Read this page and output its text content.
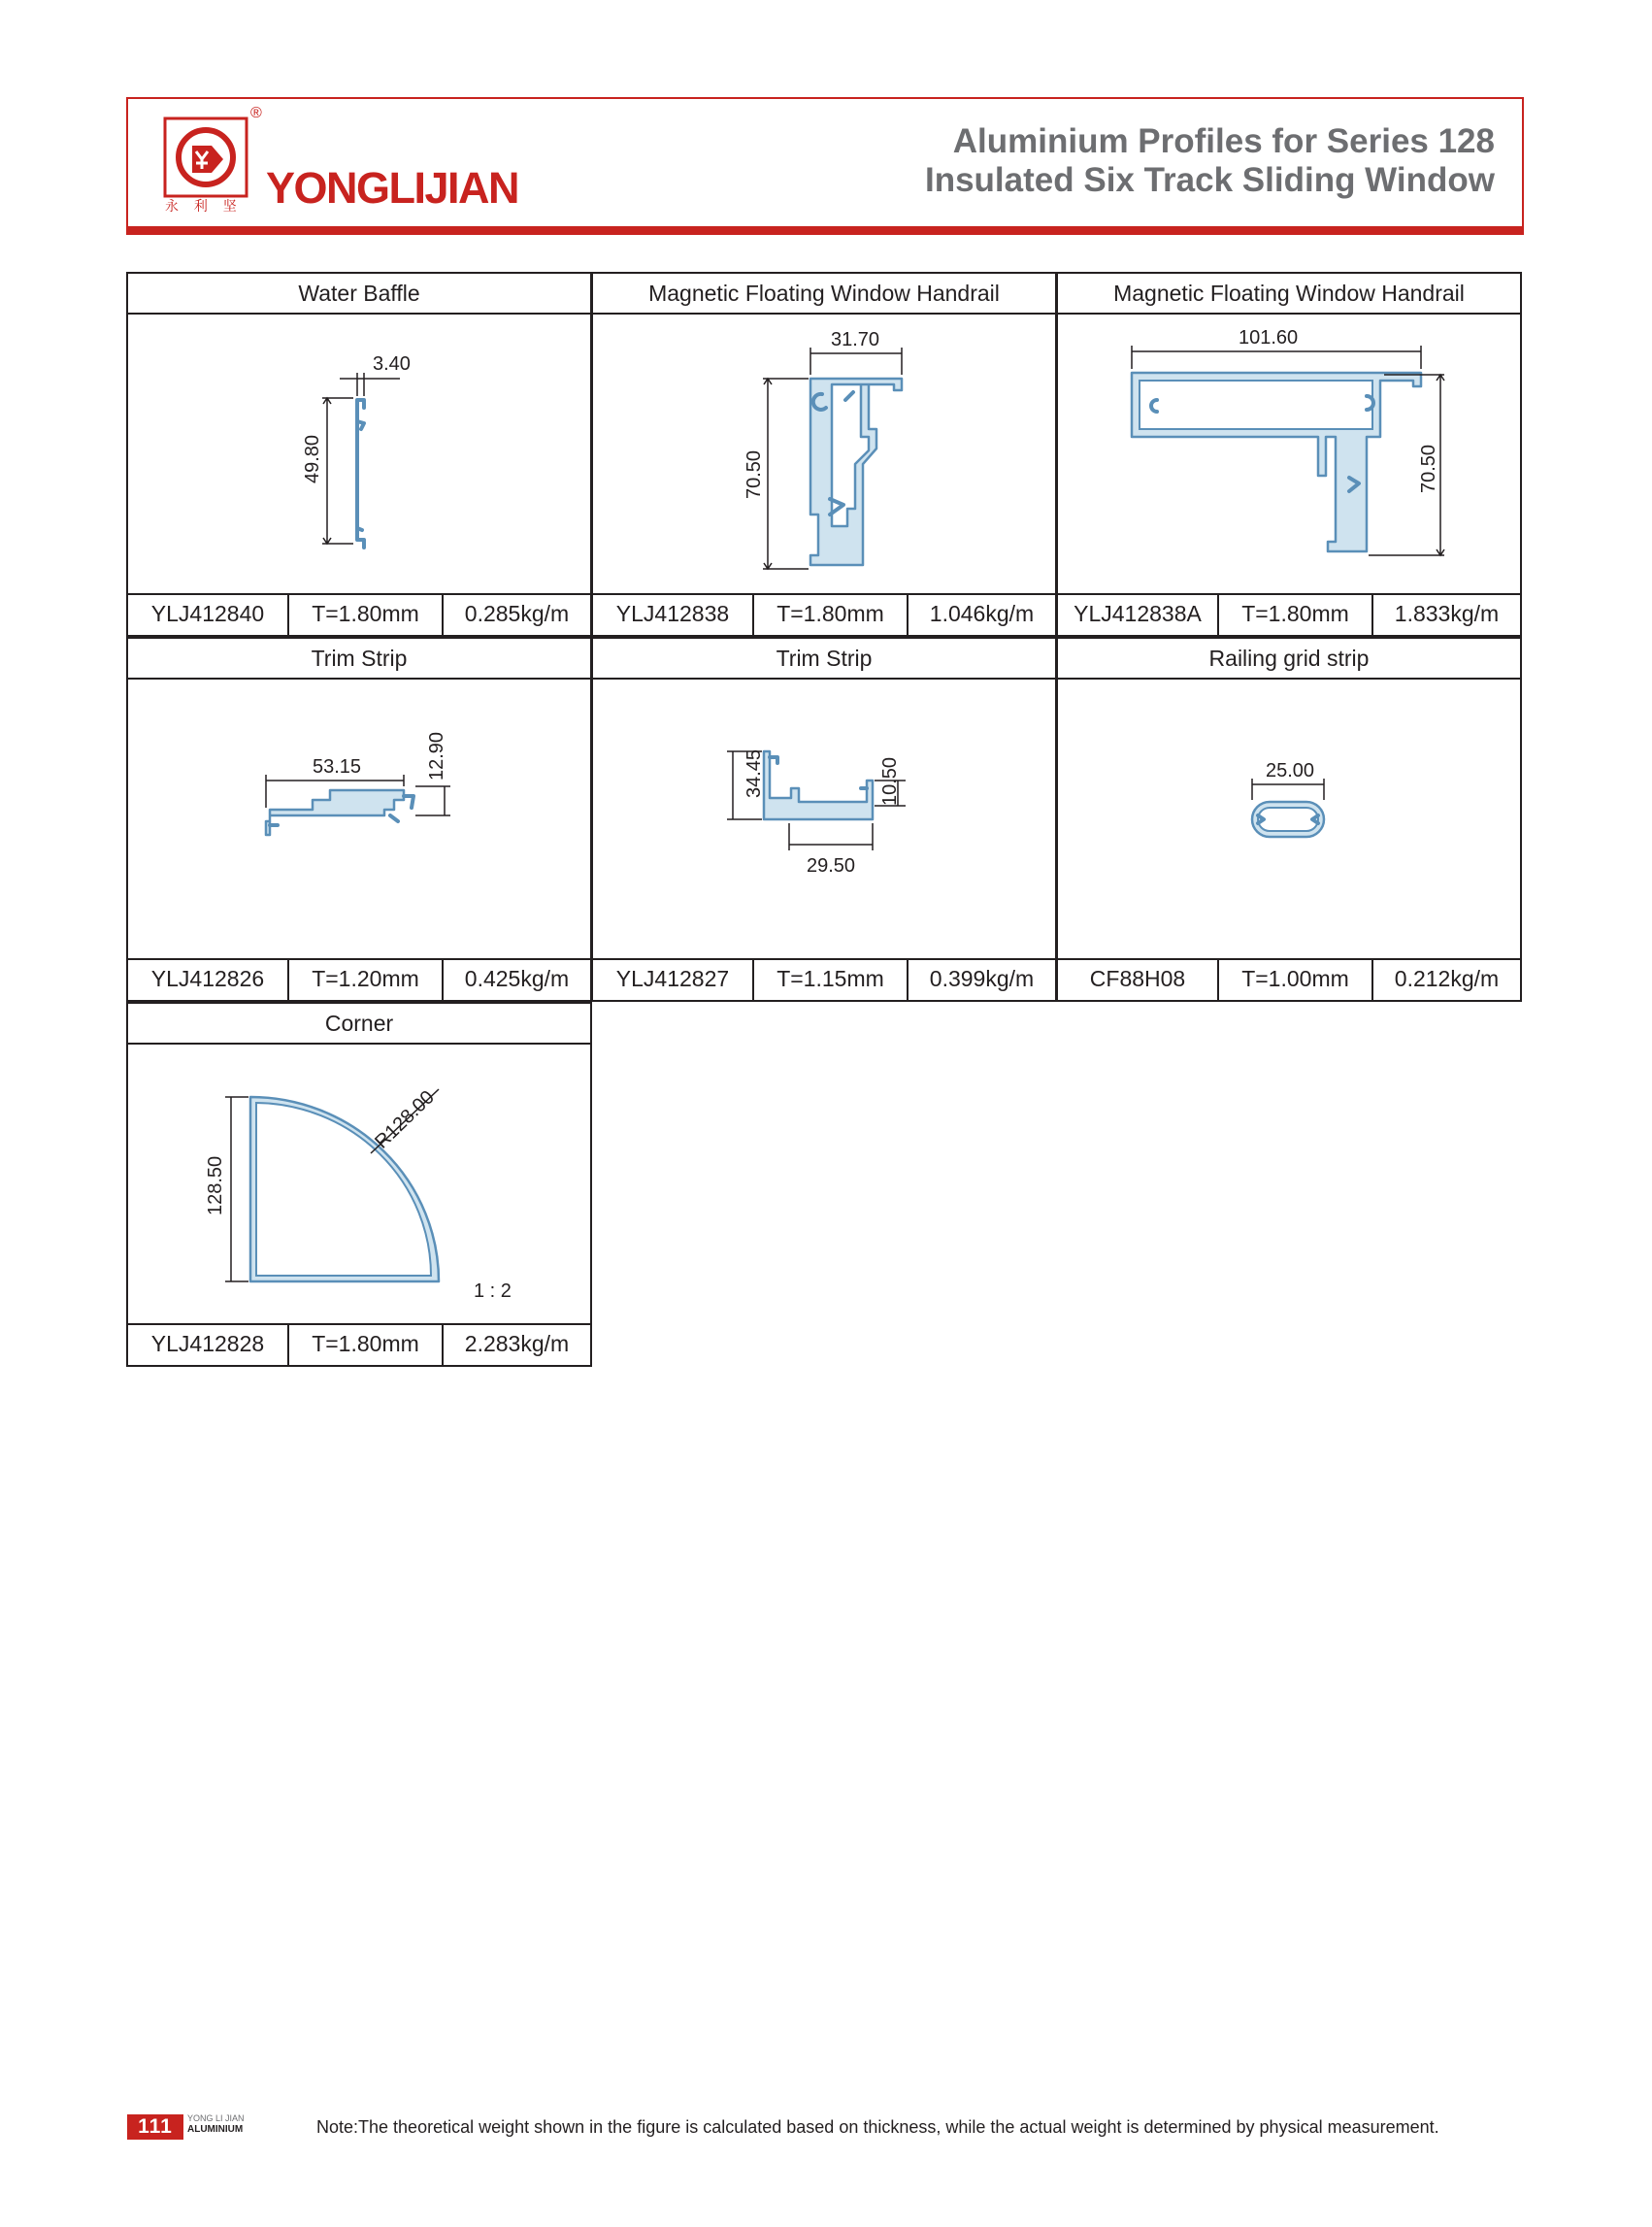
永 利 坚
®
YONGLIJIAN
Aluminium Profiles for Series 128
Insulated Six Track Sliding Window
Water Baffle
3.40
49.80
YLJ412840	T=1.80mm	0.285kg/m
Magnetic Floating Window Handrail
31.70
70.50
YLJ412838	T=1.80mm	1.046kg/m
Magnetic Floating Window Handrail
101.60
70.50
YLJ412838A	T=1.80mm	1.833kg/m
Trim Strip
53.15	12.90
YLJ412826	T=1.20mm	0.425kg/m
Trim Strip
34.45	10.50
29.50
YLJ412827	T=1.15mm	0.399kg/m
Railing grid strip
25.00
CF88H08	T=1.00mm	0.212kg/m
Corner
128.50
R128.00
1 : 2
YLJ412828	T=1.80mm	2.283kg/m
111	YONG LI JIAN
ALUMINIUM	Note:The theoretical weight shown in the figure is calculated based on thickness, while the actual weight is determined by physical measurement.
